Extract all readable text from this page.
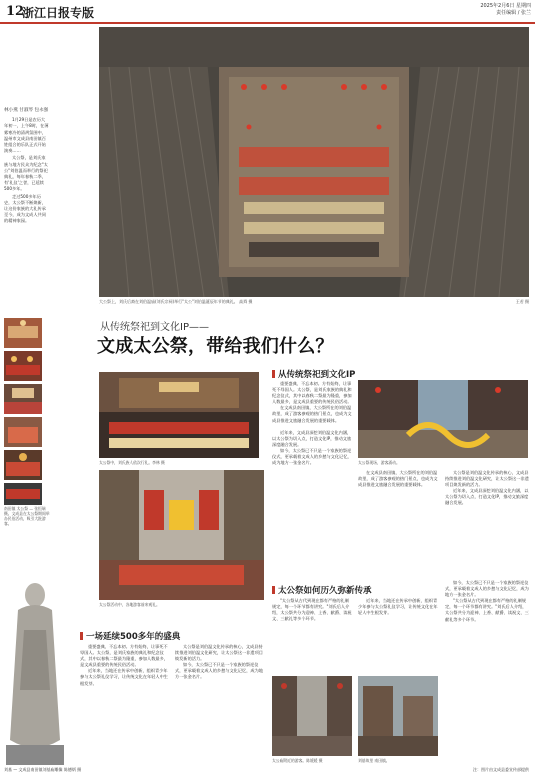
12
浙江日报 专版	2025年2月6日 星期四
责任编辑 / 张兰

林小燕 甘淑琴 包永强

1月29日是农历大年初一，上午8时，在薄雾寒冷的清冽氛围中，温州市文成县南田镇百姓组合的乐队正式开始演奏……

太公祭，是刘氏家族与地方民众为纪念"太公"刘伯温而举行的祭祀典礼，每年春秋二季，有'礼仪'之誉，已延续500多年。

走过500多年历史，太公祭不断焕新，让这份家族的大礼传承至今，成为文成人共同的精神家园。

大公祭上，刘氏后裔在刘伯温庙(刘氏宗祠)举行"太公"刘伯温诞辰年节的典礼。 高舜 摄	王若 摄
从传统祭祀到文化IP——
文成太公祭，带给我们什么？
南田镇 太公祭 — 张恒瑞摄。文成县在太公祭期间举办民俗活动，吸引大批游客。
太公祭中，刘氏族人依次行礼。李林 摄
从传统祭祀到文化IP

重要盛典、不忘本初。方有始终，让事死不辱国人。太公祭，是刘氏家族的典礼和纪念仪式，其中以春秋二祭最为隆重，参加人数最多，是文成县重要的传统民俗活动。

在文成县南田镇，大公祭所在的刘伯温故里，成了游客参观的热门景点，也成为文成县推进文旅融合发展的重要载体。

太公祭现场，游客涌动。
太公祭活动中，各地游客前来观礼。

近年来，文成县深挖刘伯温文化内涵，以太公祭为切入点，打造文化IP，推动文旅深度融合发展。

如今，太公祭已不只是一个家族的祭祀仪式，更承载着文成人的乡愁与文化记忆，成为地方一张金名片。

在文成县南田镇，大公祭所在的刘伯温故里，成了游客参观的热门景点，也成为文成县推进文旅融合发展的重要载体。

太公祭是刘伯温文化传承的核心，文成县持续推进刘伯温文化研究，让太公祭这一非遗项目焕发新的活力。

近年来，文成县深挖刘伯温文化内涵，以太公祭为切入点，打造文化IP，推动文旅深度融合发展。

太公祭如何历久弥新传承

"太公祭从古代到现在都有严格的礼制规定，每一个环节都有讲究。"刘氏后人介绍，太公祭共分为迎神、上香、献爵、读祝文、三献礼等多个环节。

近年来，当地还在传承中创新，组织青少年参与太公祭礼仪学习，让传统文化在年轻人中生根发芽。

如今，太公祭已不只是一个家族的祭祀仪式，更承载着文成人的乡愁与文化记忆，成为地方一张金名片。

"太公祭从古代到现在都有严格的礼制规定，每一个环节都有讲究。"刘氏后人介绍，太公祭共分为迎神、上香、献爵、读祝文、三献礼等多个环节。

一场延续500多年的盛典

重要盛典、不忘本初。方有始终，让事死不辱国人。太公祭，是刘氏家族的典礼和纪念仪式，其中以春秋二祭最为隆重，参加人数最多，是文成县重要的传统民俗活动。

近年来，当地还在传承中创新，组织青少年参与太公祭礼仪学习，让传统文化在年轻人中生根发芽。

太公祭是刘伯温文化传承的核心，文成县持续推进刘伯温文化研究，让太公祭这一非遗项目焕发新的活力。

如今，太公祭已不只是一个家族的祭祀仪式，更承载着文成人的乡愁与文化记忆，成为地方一张金名片。

太公庙附近的游客。陈媛媛 摄	刘基故里 南田镇。
刘基 — 文成县南田镇刘基庙雕像 陈德炳 摄	注：图片由文成县委宣传部提供
